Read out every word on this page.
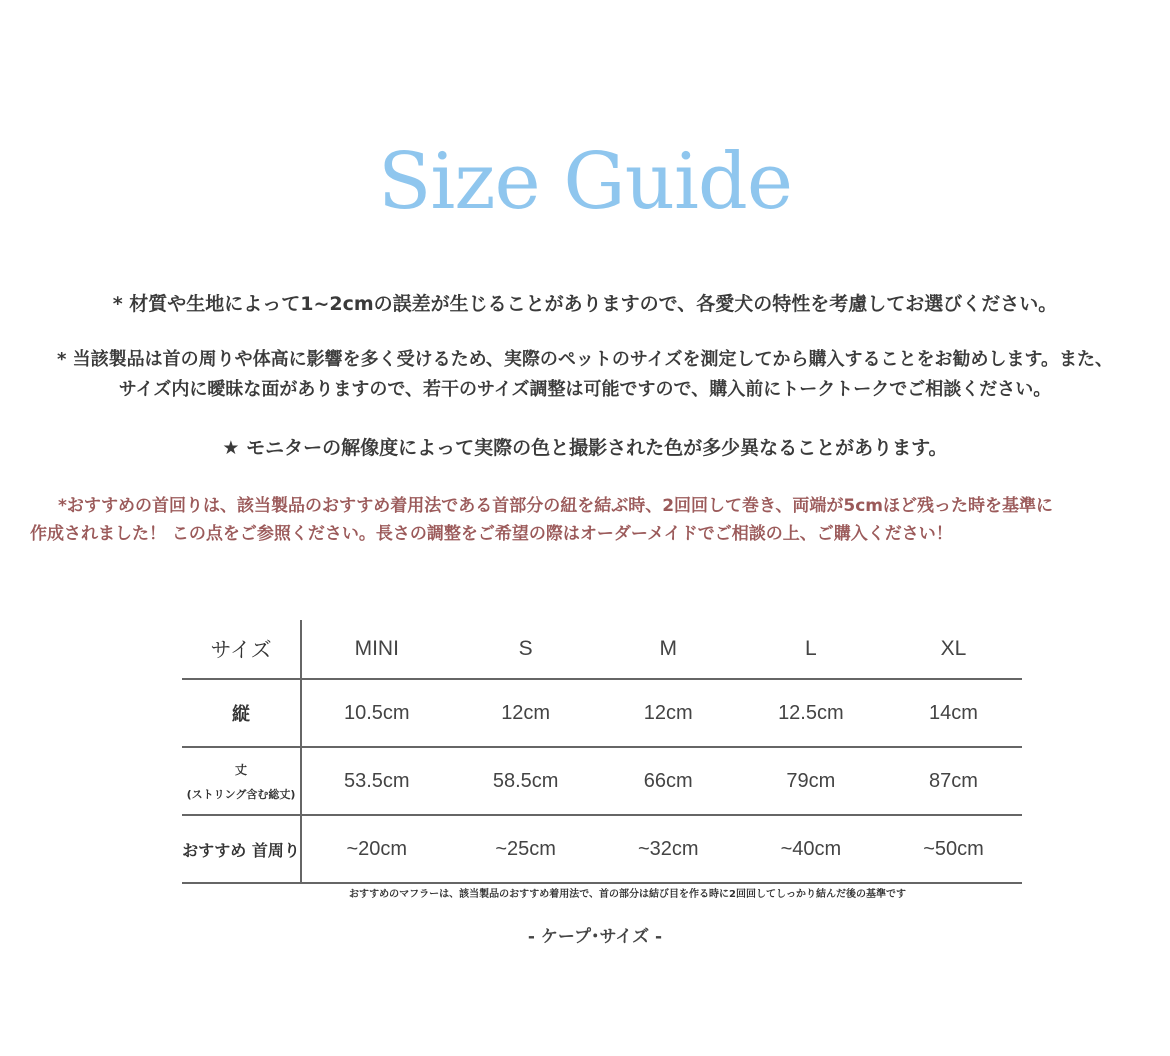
Size Guide
* 材質や生地によって1~2cmの誤差が生じることがありますので、各愛犬の特性を考慮してお選びください。
* 当該製品は首の周りや体高に影響を多く受けるため、実際のペットのサイズを測定してから購入することをお勧めします。また、
サイズ内に曖昧な面がありますので、若干のサイズ調整は可能ですので、購入前にトークトークでご相談ください。
★ モニターの解像度によって実際の色と撮影された色が多少異なることがあります。
*おすすめの首回りは、該当製品のおすすめ着用法である首部分の紐を結ぶ時、2回回して巻き、両端が5cmほど残った時を基準に
作成されました！ この点をご参照ください。長さの調整をご希望の際はオーダーメイドでご相談の上、ご購入ください！
サイズ	MINI	S	M	L	XL

縦	10.5cm	12cm	12cm	12.5cm	14cm

丈
(ストリング含む総丈)	53.5cm	58.5cm	66cm	79cm	87cm

おすすめ 首周り	~20cm	~25cm	~32cm	~40cm	~50cm
おすすめのマフラーは、該当製品のおすすめ着用法で、首の部分は結び目を作る時に2回回してしっかり結んだ後の基準です
- ケープ･サイズ -
